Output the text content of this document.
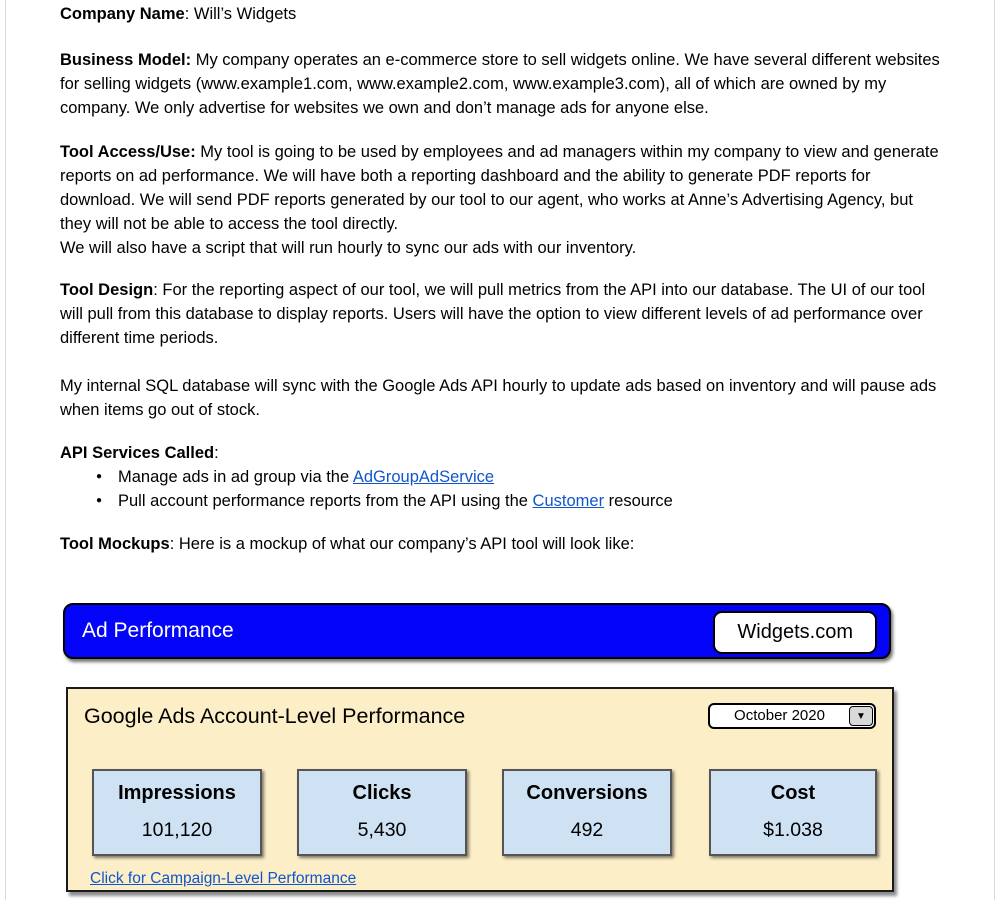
Company Name: Will’s Widgets

Business Model: My company operates an e-commerce store to sell widgets online. We have several different websites for selling widgets (www.example1.com, www.example2.com, www.example3.com), all of which are owned by my company. We only advertise for websites we own and don’t manage ads for anyone else.

Tool Access/Use: My tool is going to be used by employees and ad managers within my company to view and generate reports on ad performance. We will have both a reporting dashboard and the ability to generate PDF reports for download. We will send PDF reports generated by our tool to our agent, who works at Anne’s Advertising Agency, but they will not be able to access the tool directly.
We will also have a script that will run hourly to sync our ads with our inventory.

Tool Design: For the reporting aspect of our tool, we will pull metrics from the API into our database. The UI of our tool will pull from this database to display reports. Users will have the option to view different levels of ad performance over different time periods.

My internal SQL database will sync with the Google Ads API hourly to update ads based on inventory and will pause ads when items go out of stock.

API Services Called:

● Manage ads in ad group via the AdGroupAdService
● Pull account performance reports from the API using the Customer resource

Tool Mockups: Here is a mockup of what our company’s API tool will look like:

Ad Performance	Widgets.com
Google Ads Account-Level Performance	October 2020	▼
Impressions
101,120
Clicks
5,430
Conversions
492
Cost
$1.038
Click for Campaign-Level Performance
